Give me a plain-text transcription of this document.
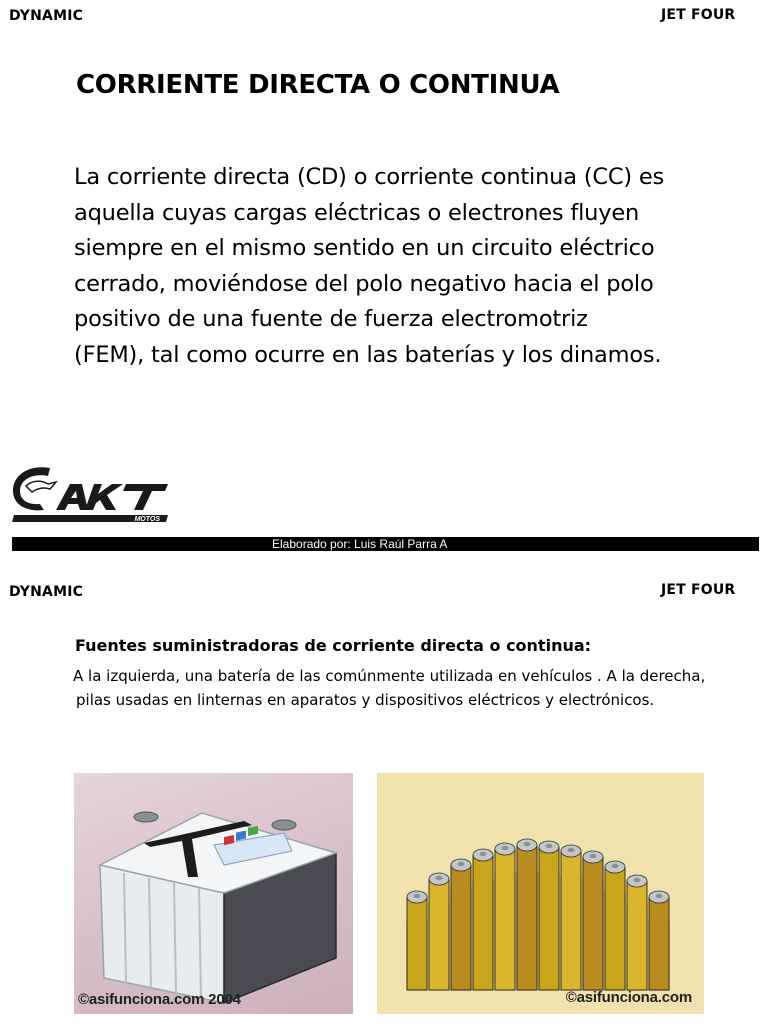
DYNAMIC	JET FOUR
CORRIENTE DIRECTA O CONTINUA
La corriente directa (CD) o corriente continua (CC) es
aquella cuyas cargas eléctricas o electrones fluyen
siempre en el mismo sentido en un circuito eléctrico
cerrado, moviéndose del polo negativo hacia el polo
positivo de una fuente de fuerza electromotriz
(FEM), tal como ocurre en las baterías y los dinamos.
MOTOS
Elaborado por: Luis Raúl Parra A
DYNAMIC	JET FOUR
Fuentes suministradoras de corriente directa o continua:

A la izquierda, una batería de las comúnmente utilizada en vehículos . A la derecha,
pilas usadas en linternas en aparatos y dispositivos eléctricos y electrónicos.

©asifunciona.com 2004	©asifunciona.com
